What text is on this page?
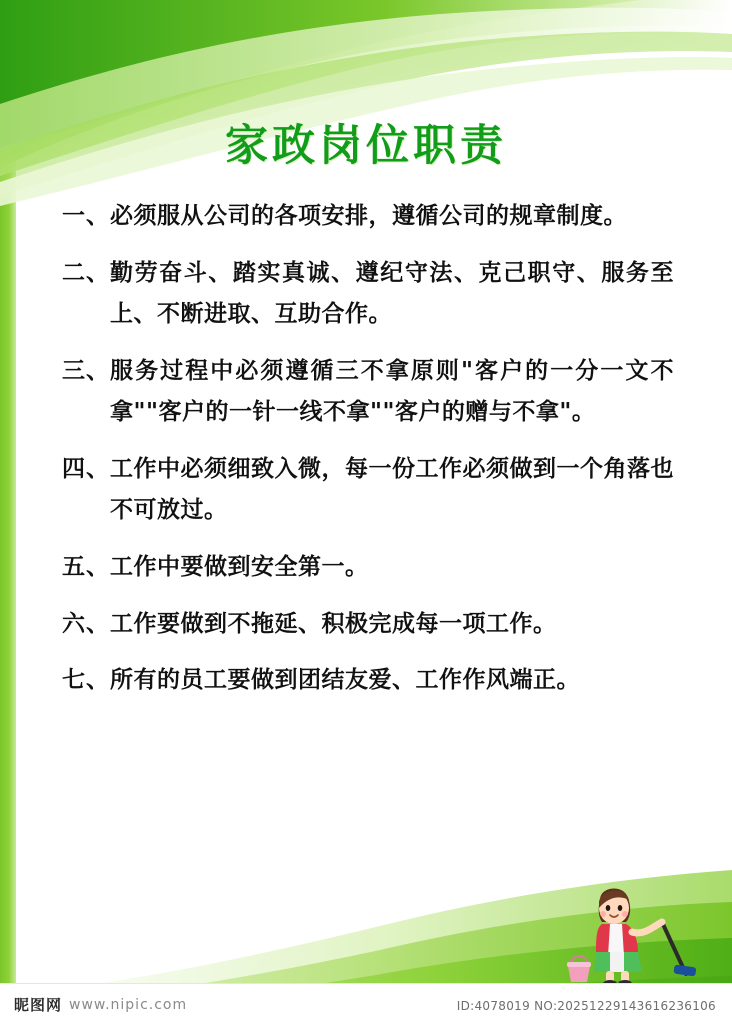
家政岗位职责
一、 必须服从公司的各项安排，遵循公司的规章制度。
二、 勤劳奋斗、踏实真诚、遵纪守法、克己职守、服务至上、不断进取、互助合作。
三、 服务过程中必须遵循三不拿原则"客户的一分一文不拿""客户的一针一线不拿""客户的赠与不拿"。
四、 工作中必须细致入微，每一份工作必须做到一个角落也不可放过。
五、 工作中要做到安全第一。
六、 工作要做到不拖延、积极完成每一项工作。
七、 所有的员工要做到团结友爱、工作作风端正。
昵图网 www.nipic.com	ID:4078019 NO:20251229143616236106
